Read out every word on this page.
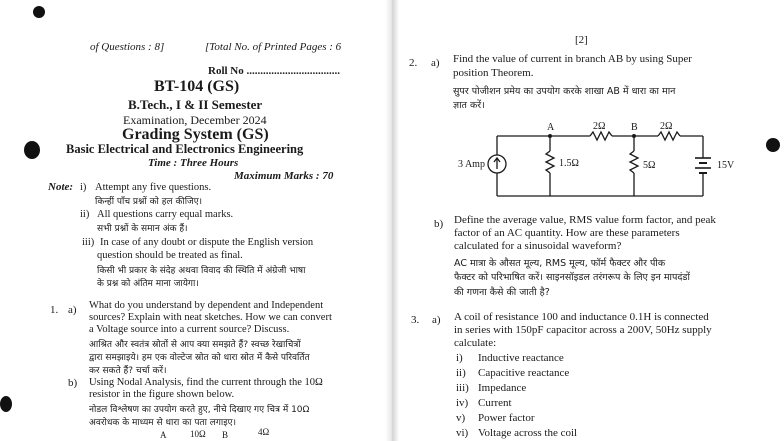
of Questions : 8]	[Total No. of Printed Pages : 6
Roll No ..................................
BT-104 (GS)
B.Tech., I & II Semester
Examination, December 2024
Grading System (GS)
Basic Electrical and Electronics Engineering
Time : Three Hours
Maximum Marks : 70
Note: i) Attempt any five questions.
किन्हीं पाँच प्रश्नों को हल कीजिए।
ii) All questions carry equal marks.
सभी प्रश्नों के समान अंक हैं।
iii) In case of any doubt or dispute the English version
question should be treated as final.
किसी भी प्रकार के संदेह अथवा विवाद की स्थिति में अंग्रेजी भाषा
के प्रश्न को अंतिम माना जायेगा।
1. a) What do you understand by dependent and Independent
sources? Explain with neat sketches. How we can convert
a Voltage source into a current source? Discuss.
आश्रित और स्वतंत्र स्रोतों से आप क्या समझते हैं? स्वच्छ रेखाचित्रों
द्वारा समझाइये। हम एक वोल्टेज स्रोत को धारा स्रोत में कैसे परिवर्तित
कर सकते हैं? चर्चा करें।
b) Using Nodal Analysis, find the current through the 10Ω
resistor in the figure shown below.
नोडल विश्लेषण का उपयोग करते हुए, नीचे दिखाए गए चित्र में 10Ω
अवरोधक के माध्यम से धारा का पता लगाइए।
A	10Ω B	4Ω
[2]
2. a) Find the value of current in branch AB by using Super
position Theorem.
सुपर पोजीशन प्रमेय का उपयोग करके शाखा AB में धारा का मान
ज्ञात करें।
A	B
2Ω	2Ω
3 Amp	1.5Ω	5Ω	15V
b) Define the average value, RMS value form factor, and peak
factor of an AC quantity. How are these parameters
calculated for a sinusoidal waveform?
AC मात्रा के औसत मूल्य, RMS मूल्य, फॉर्म फैक्टर और पीक
फैक्टर को परिभाषित करें। साइनसॉइडल तरंगरूप के लिए इन मापदंडों
की गणना कैसे की जाती है?
3. a) A coil of resistance 100 and inductance 0.1H is connected
in series with 150pF capacitor across a 200V, 50Hz supply
calculate:
i) Inductive reactance
ii) Capacitive reactance
iii) Impedance
iv) Current
v) Power factor
vi) Voltage across the coil
